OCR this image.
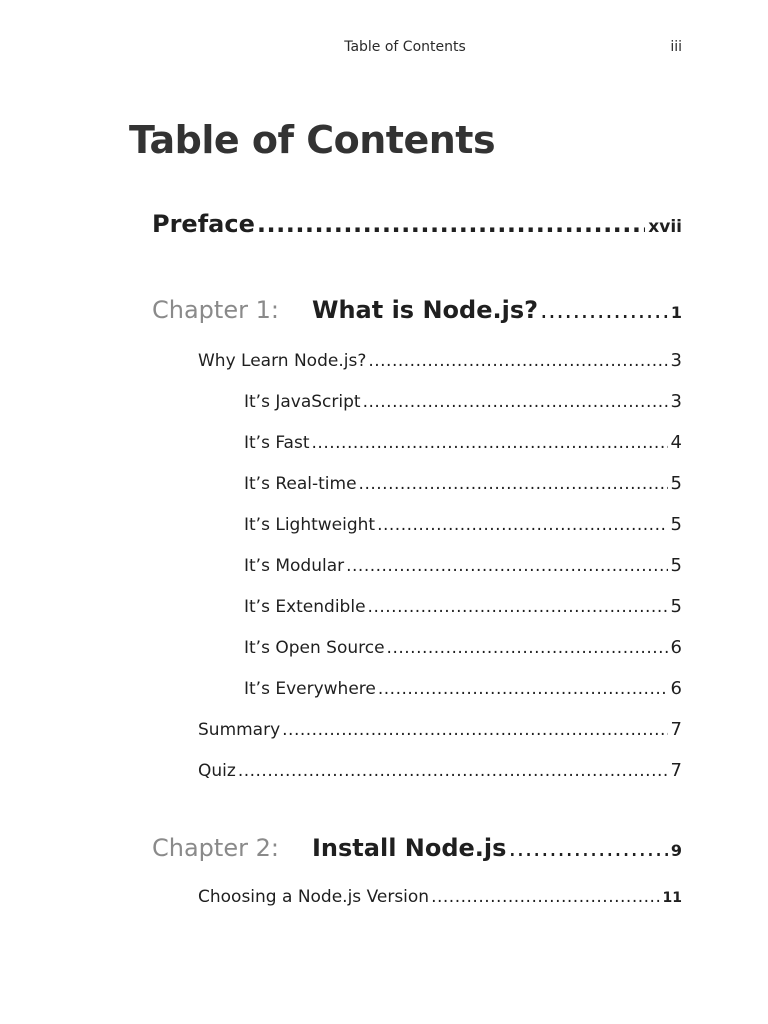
Table of Contents	iii
Table of Contents
Preface .....	xvii
Chapter 1:	What is Node.js? .....	1
Why Learn Node.js? .....	3
It’s JavaScript .....	3
It’s Fast .....	4
It’s Real-time .....	5
It’s Lightweight .....	5
It’s Modular .....	5
It’s Extendible .....	5
It’s Open Source .....	6
It’s Everywhere .....	6
Summary .....	7
Quiz .....	7
Chapter 2:	Install Node.js .....	9
Choosing a Node.js Version .....	11
